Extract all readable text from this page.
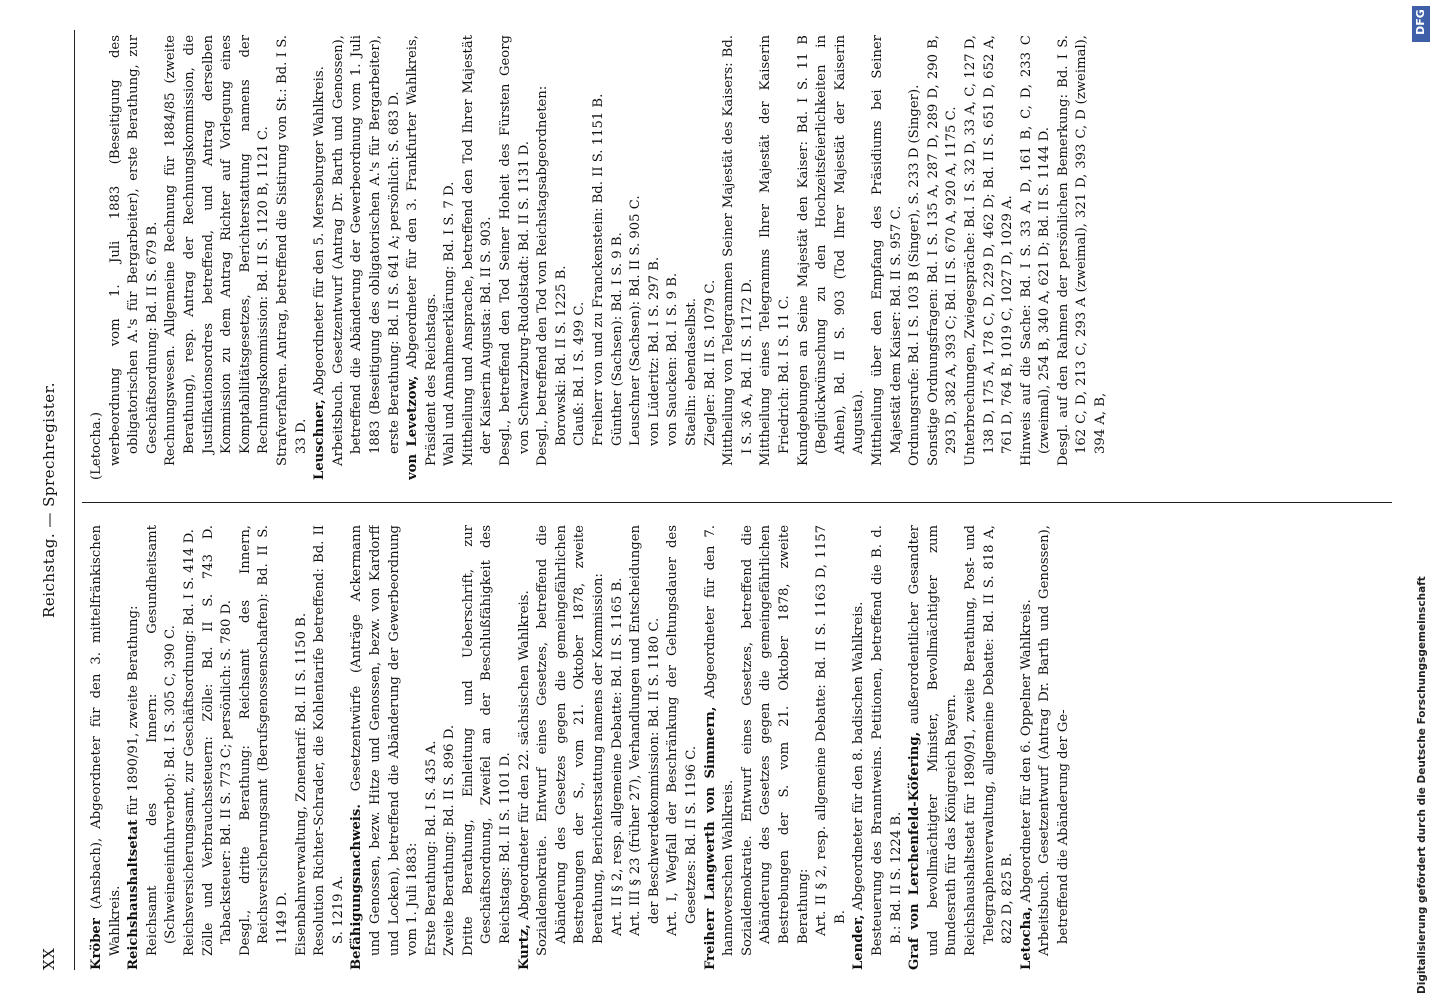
XX
Reichstag. — Sprechregister.

Kröber (Ansbach), Abgeordneter für den 3. mittelfränkischen Wahlkreis. Reichshaushaltsetat für 1890/91, zweite Berathung: Reichsamt des Innern: Gesundheitsamt (Schweineeinfuhrverbot): Bd. I S. 305 C, 390 C. Reichsversicherungsamt, zur Geschäftsordnung: Bd. I S. 414 D. Zölle und Verbrauchssteuern: Zölle: Bd. II S. 743 D. Tabacksteuer: Bd. II S. 773 C; persönlich: S. 780 D. Desgl., dritte Berathung: Reichsamt des Innern, Reichsversicherungsamt (Berufsgenossenschaften): Bd. II S. 1149 D. Eisenbahnverwaltung, Zonentarif: Bd. II S. 1150 B. Resolution Richter-Schrader, die Kohlentarife betreffend: Bd. II S. 1219 A. Befähigungsnachweis. Gesetzentwürfe (Anträge Ackermann und Genossen, bezw. Hitze und Genossen, bezw. von Kardorff und Locken), betreffend die Abänderung der Gewerbeordnung vom 1. Juli 1883: Erste Berathung: Bd. I S. 435 A. Zweite Berathung: Bd. II S. 896 D. Dritte Berathung, Einleitung und Ueberschrift, zur Geschäftsordnung, Zweifel an der Beschlußfähigkeit des Reichstags: Bd. II S. 1101 D.

Kurtz, Abgeordneter für den 22. sächsischen Wahlkreis. Sozialdemokratie. Entwurf eines Gesetzes, betreffend die Abänderung des Gesetzes gegen die gemeingefährlichen Bestrebungen der S., vom 21. Oktober 1878, zweite Berathung, Berichterstattung namens der Kommission: Art. II § 2, resp. allgemeine Debatte: Bd. II S. 1165 B. Art. III § 23 (früher 27), Verhandlungen und Entscheidungen der Beschwerdekommission: Bd. II S. 1180 C. Art. I, Wegfall der Beschränkung der Geltungsdauer des Gesetzes: Bd. II S. 1196 C. Freiherr Langwerth von Simmern, Abgeordneter für den 7. hannoverschen Wahlkreis. Sozialdemokratie. Entwurf eines Gesetzes, betreffend die Abänderung des Gesetzes gegen die gemeingefährlichen Bestrebungen der S. vom 21. Oktober 1878, zweite Berathung: Art. II § 2, resp. allgemeine Debatte: Bd. II S. 1163 D, 1157 B. Lender, Abgeordneter für den 8. badischen Wahlkreis. Besteuerung des Branntweins. Petitionen, betreffend die B. d. B.: Bd. II S. 1224 B. Graf von Lerchenfeld-Köfering, außerordentlicher Gesandter und bevollmächtigter Minister, Bevollmächtigter zum Bundesrath für das Königreich Bayern. Reichshaushaltsetat für 1890/91, zweite Berathung, Post- und Telegraphenverwaltung, allgemeine Debatte: Bd. II S. 818 A, 822 D, 825 B. Letocha, Abgeordneter für den 6. Oppelner Wahlkreis. Arbeitsbuch. Gesetzentwurf (Antrag Dr. Barth und Genossen), betreffend die Abänderung der Ge-

(Letocha.) werbeordnung vom 1. Juli 1883 (Beseitigung des obligatorischen A.'s für Bergarbeiter), erste Berathung, zur Geschäftsordnung: Bd. II S. 679 B. Rechnungswesen. Allgemeine Rechnung für 1884/85 (zweite Berathung), resp. Antrag der Rechnungskommission, die Justifikationsordres betreffend, und Antrag derselben Kommission zu dem Antrag Richter auf Vorlegung eines Komptabilitätsgesetzes, Berichterstattung namens der Rechnungskommission: Bd. II S. 1120 B, 1121 C. Strafverfahren. Antrag, betreffend die Sistirung von St.: Bd. I S. 33 D. Leuschner, Abgeordneter für den 5. Merseburger Wahlkreis. Arbeitsbuch. Gesetzentwurf (Antrag Dr. Barth und Genossen), betreffend die Abänderung der Gewerbeordnung vom 1. Juli 1883 (Beseitigung des obligatorischen A.'s für Bergarbeiter), erste Berathung: Bd. II S. 641 A; persönlich: S. 683 D. von Levetzow, Abgeordneter für den 3. Frankfurter Wahlkreis, Präsident des Reichstags. Wahl und Annahmeerklärung: Bd. I S. 7 D. Mittheilung und Ansprache, betreffend den Tod Ihrer Majestät der Kaiserin Augusta: Bd. II S. 903. Desgl., betreffend den Tod Seiner Hoheit des Fürsten Georg von Schwarzburg-Rudolstadt: Bd. II S. 1131 D. Desgl., betreffend den Tod von Reichstagsabgeordneten: Borowski: Bd. II S. 1225 B. Clauß: Bd. I S. 499 C. Freiherr von und zu Franckenstein: Bd. II S. 1151 B. Günther (Sachsen): Bd. I S. 9 B. Leuschner (Sachsen): Bd. II S. 905 C. von Lüderitz: Bd. I S. 297 B. von Saucken: Bd. I S. 9 B. Staelin: ebendaselbst. Ziegler: Bd. II S. 1079 C. Mittheilung von Telegrammen Seiner Majestät des Kaisers: Bd. I S. 36 A, Bd. II S. 1172 D. Mittheilung eines Telegramms Ihrer Majestät der Kaiserin Friedrich: Bd. I S. 11 C. Kundgebungen an Seine Majestät den Kaiser: Bd. I S. 11 B (Beglückwünschung zu den Hochzeitsfeierlichkeiten in Athen), Bd. II S. 903 (Tod Ihrer Majestät der Kaiserin Augusta). Mittheilung über den Empfang des Präsidiums bei Seiner Majestät dem Kaiser: Bd. II S. 957 C. Ordnungsrufe: Bd. I S. 103 B (Singer), S. 233 D (Singer). Sonstige Ordnungsfragen: Bd. I S. 135 A, 287 D, 289 D, 290 B, 293 D, 382 A, 393 C; Bd. II S. 670 A, 920 A, 1175 C. Unterbrechungen, Zwiegespräche: Bd. I S. 32 D, 33 A, C, 127 D, 138 D, 175 A, 178 C, D, 229 D, 462 D; Bd. II S. 651 D, 652 A, 761 D, 764 B, 1019 C, 1027 D, 1029 A. Hinweis auf die Sache: Bd. I S. 33 A, D, 161 B, C, D, 233 C (zweimal), 254 B, 340 A, 621 D; Bd. II S. 1144 D. Desgl. auf den Rahmen der persönlichen Bemerkung: Bd. I S. 162 C, D, 213 C, 293 A (zweimal), 321 D, 393 C, D (zweimal), 394 A, B,

Digitalisierung gefördert durch die Deutsche Forschungsgemeinschaft
DFG
